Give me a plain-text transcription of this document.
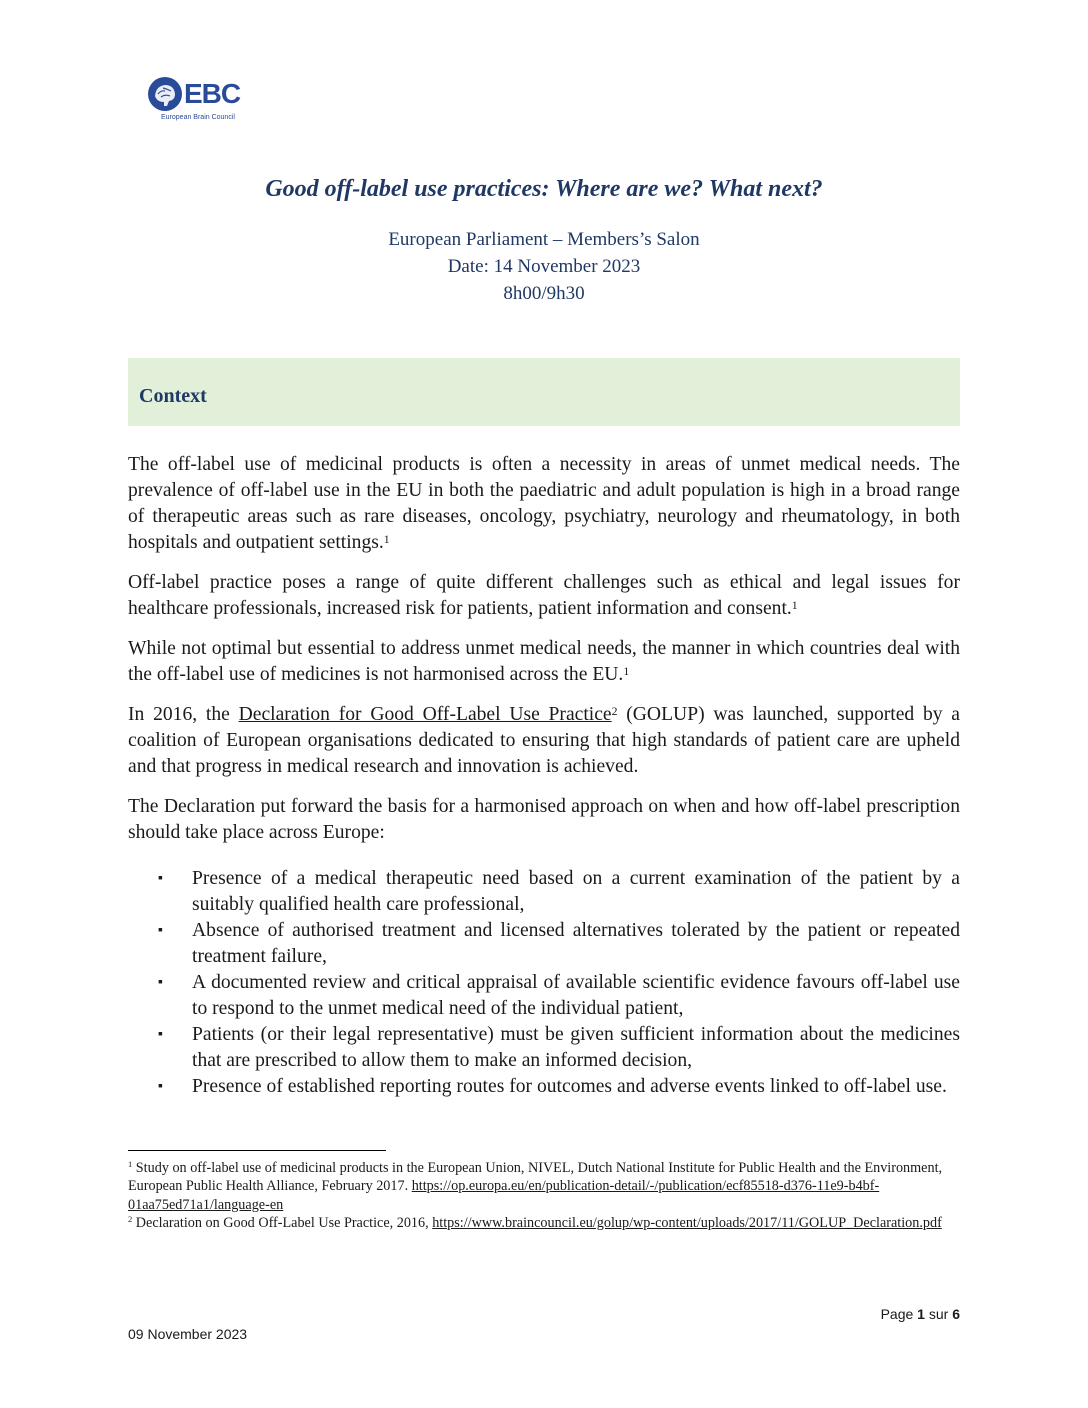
EBC
European Brain Council
Good off-label use practices: Where are we? What next?
European Parliament – Members’s Salon
Date: 14 November 2023
8h00/9h30
Context

The off-label use of medicinal products is often a necessity in areas of unmet medical needs. The prevalence of off-label use in the EU in both the paediatric and adult population is high in a broad range of therapeutic areas such as rare diseases, oncology, psychiatry, neurology and rheumatology, in both hospitals and outpatient settings.$^1$

Off-label practice poses a range of quite different challenges such as ethical and legal issues for healthcare professionals, increased risk for patients, patient information and consent.$^1$

While not optimal but essential to address unmet medical needs, the manner in which countries deal with the off-label use of medicines is not harmonised across the EU.$^1$

In 2016, the Declaration for Good Off-Label Use Practice$^2$ (GOLUP) was launched, supported by a coalition of European organisations dedicated to ensuring that high standards of patient care are upheld and that progress in medical research and innovation is achieved.

The Declaration put forward the basis for a harmonised approach on when and how off-label prescription should take place across Europe:

▪ Presence of a medical therapeutic need based on a current examination of the patient by a suitably qualified health care professional,
▪ Absence of authorised treatment and licensed alternatives tolerated by the patient or repeated treatment failure,
▪ A documented review and critical appraisal of available scientific evidence favours off-label use to respond to the unmet medical need of the individual patient,
▪ Patients (or their legal representative) must be given sufficient information about the medicines that are prescribed to allow them to make an informed decision,
▪ Presence of established reporting routes for outcomes and adverse events linked to off-label use.
$^1$ Study on off-label use of medicinal products in the European Union, NIVEL, Dutch National Institute for Public Health and the Environment, European Public Health Alliance, February 2017. https://op.europa.eu/en/publication-detail/-/publication/ecf85518-d376-11e9-b4bf-01aa75ed71a1/language-en
$^2$ Declaration on Good Off-Label Use Practice, 2016, https://www.braincouncil.eu/golup/wp-content/uploads/2017/11/GOLUP_Declaration.pdf
Page 1 sur 6
09 November 2023
